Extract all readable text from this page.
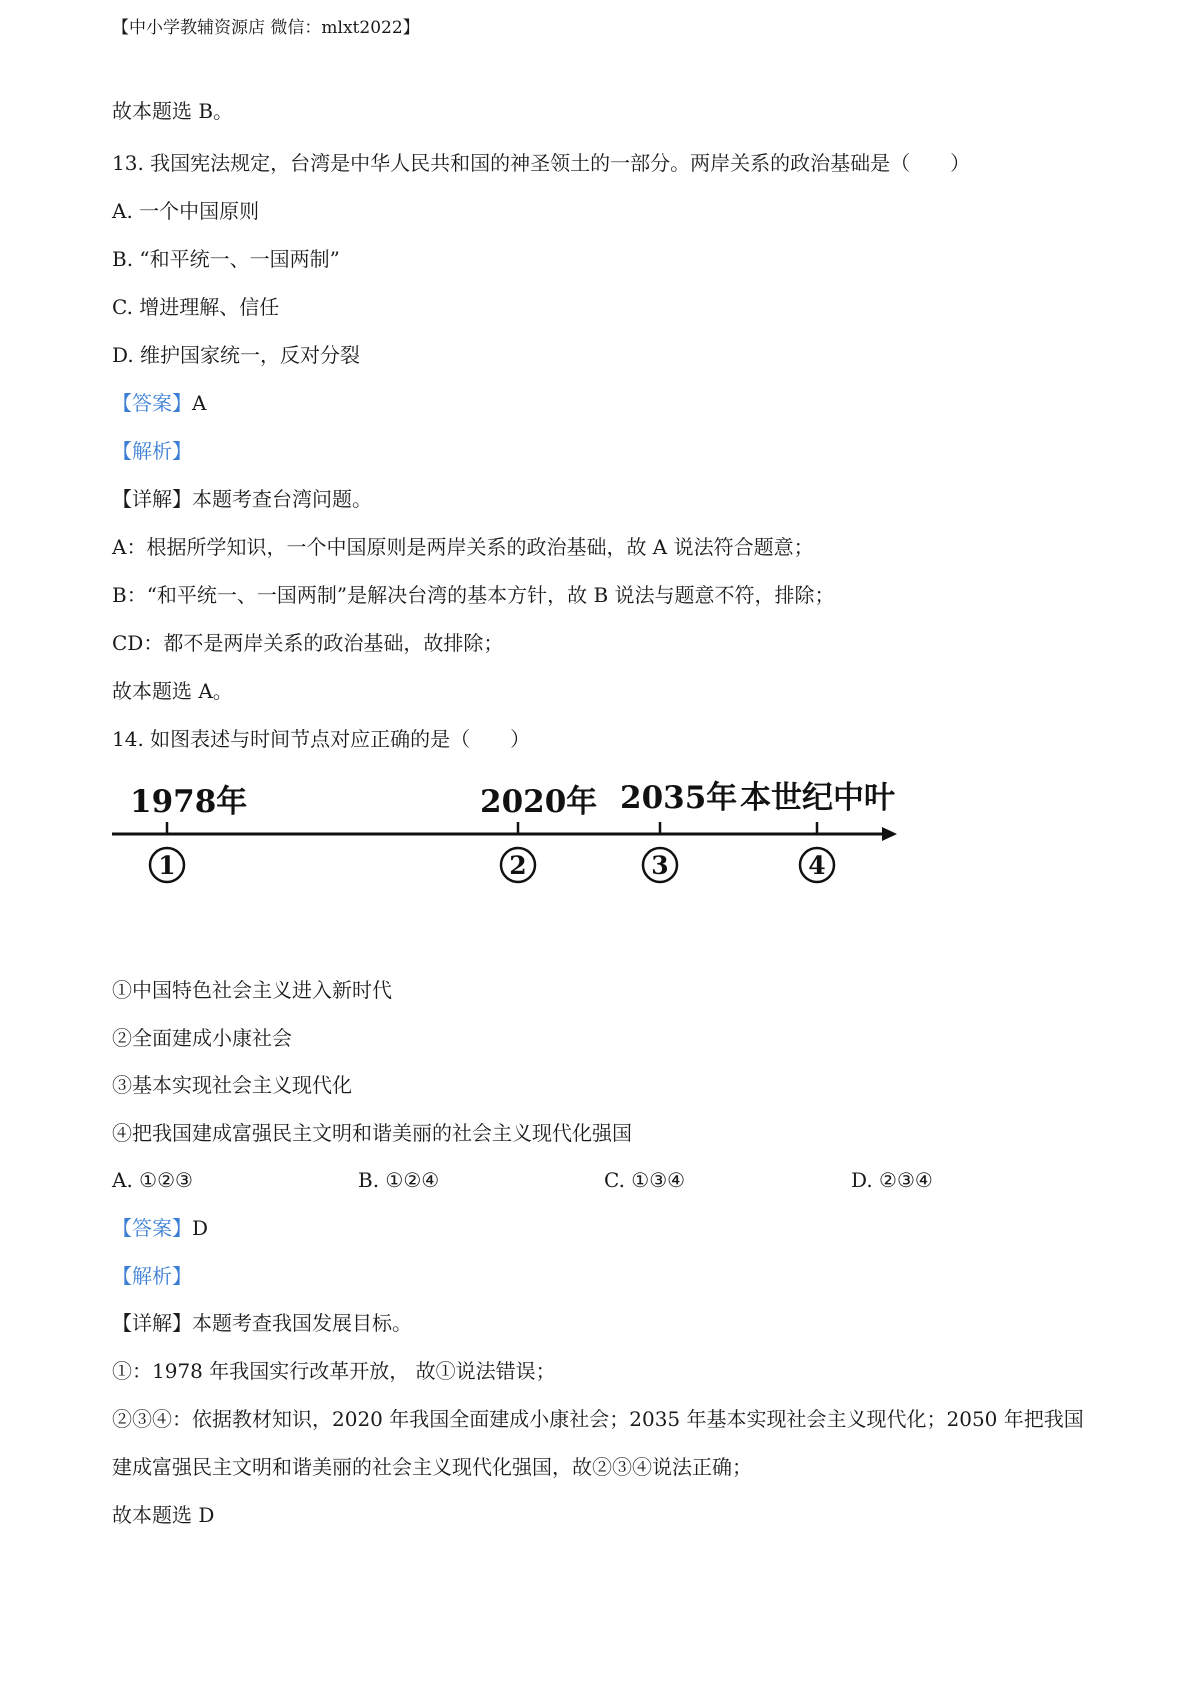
【中小学教辅资源店 微信：mlxt2022】
故本题选 B。
13. 我国宪法规定，台湾是中华人民共和国的神圣领土的一部分。两岸关系的政治基础是（　　）
A. 一个中国原则
B. “和平统一、一国两制”
C. 增进理解、信任
D. 维护国家统一，反对分裂
【答案】A
【解析】
【详解】本题考查台湾问题。
A：根据所学知识，一个中国原则是两岸关系的政治基础，故 A 说法符合题意；
B：“和平统一、一国两制”是解决台湾的基本方针，故 B 说法与题意不符，排除；
CD：都不是两岸关系的政治基础，故排除；
故本题选 A。
14. 如图表述与时间节点对应正确的是（　　）
1978年	2020年 2035年 本世纪中叶
1	2	3	4
①中国特色社会主义进入新时代
②全面建成小康社会
③基本实现社会主义现代化
④把我国建成富强民主文明和谐美丽的社会主义现代化强国
A. ①②③	B. ①②④	C. ①③④	D. ②③④
【答案】D
【解析】
【详解】本题考查我国发展目标。
①：1978 年我国实行改革开放， 故①说法错误；
②③④：依据教材知识，2020 年我国全面建成小康社会；2035 年基本实现社会主义现代化；2050 年把我国
建成富强民主文明和谐美丽的社会主义现代化强国，故②③④说法正确；
故本题选 D
